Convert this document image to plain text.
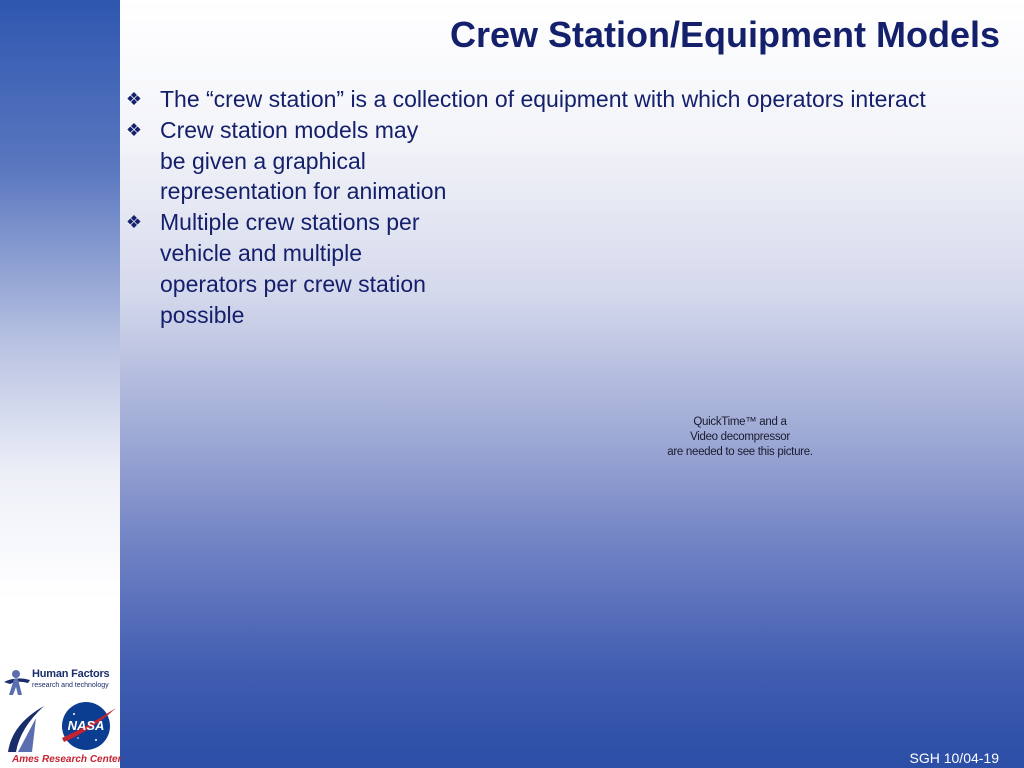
Human Factors
research and technology
NASA
Ames Research Center
Crew Station/Equipment Models
❖ The “crew station” is a collection of equipment with which operators interact
❖ Crew station models may
be given a graphical
representation for animation
❖ Multiple crew stations per
vehicle and multiple
operators per crew station
possible
QuickTime™ and a
Video decompressor
are needed to see this picture.
SGH 10/04-19
